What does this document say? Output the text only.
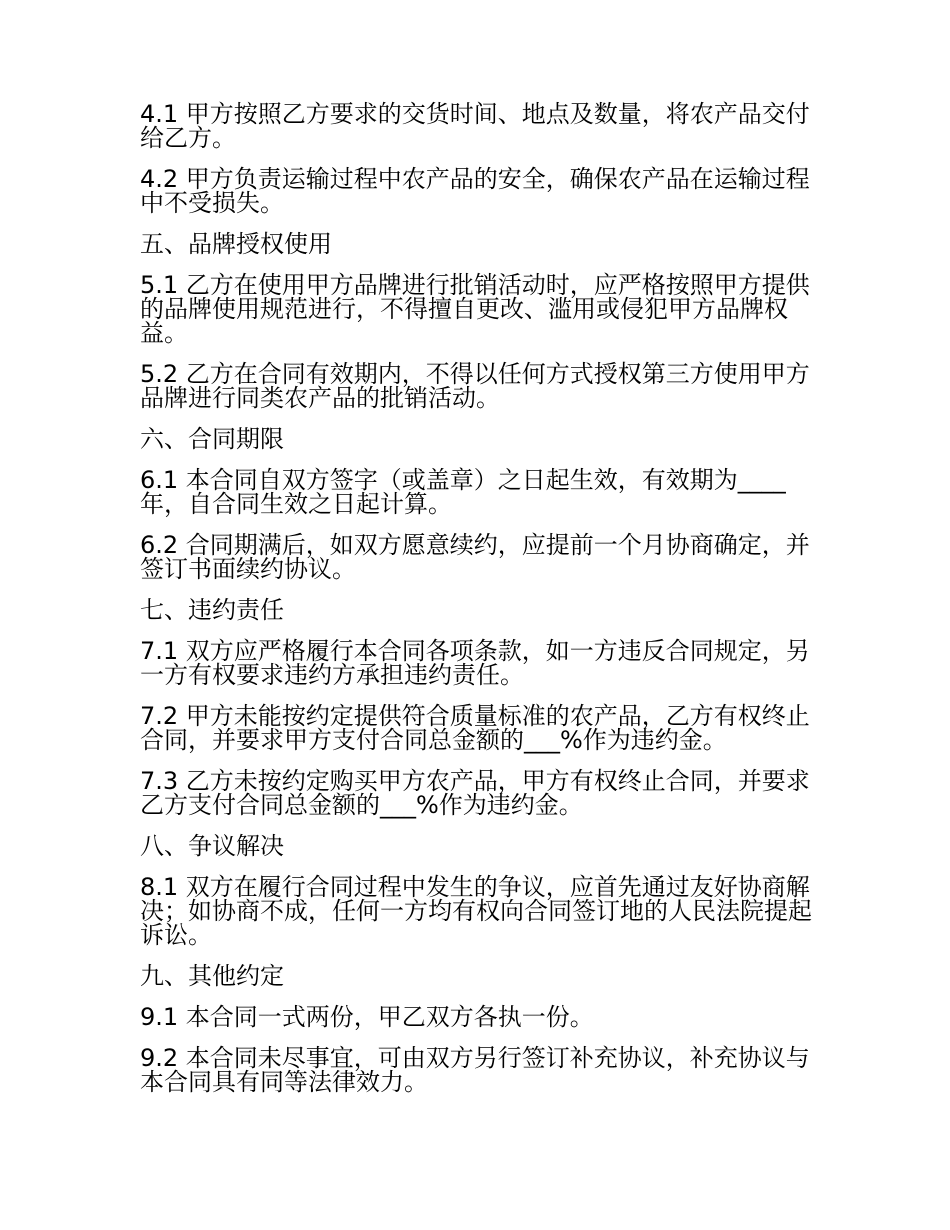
4.1 甲方按照乙方要求的交货时间、地点及数量，将农产品交付给乙方。

4.2 甲方负责运输过程中农产品的安全，确保农产品在运输过程中不受损失。

五、品牌授权使用

5.1 乙方在使用甲方品牌进行批销活动时，应严格按照甲方提供的品牌使用规范进行，不得擅自更改、滥用或侵犯甲方品牌权益。

5.2 乙方在合同有效期内，不得以任何方式授权第三方使用甲方品牌进行同类农产品的批销活动。

六、合同期限

6.1 本合同自双方签字（或盖章）之日起生效，有效期为____年，自合同生效之日起计算。

6.2 合同期满后，如双方愿意续约，应提前一个月协商确定，并签订书面续约协议。

七、违约责任

7.1 双方应严格履行本合同各项条款，如一方违反合同规定，另一方有权要求违约方承担违约责任。

7.2 甲方未能按约定提供符合质量标准的农产品，乙方有权终止合同，并要求甲方支付合同总金额的___%作为违约金。

7.3 乙方未按约定购买甲方农产品，甲方有权终止合同，并要求乙方支付合同总金额的___%作为违约金。

八、争议解决

8.1 双方在履行合同过程中发生的争议，应首先通过友好协商解决；如协商不成，任何一方均有权向合同签订地的人民法院提起诉讼。

九、其他约定

9.1 本合同一式两份，甲乙双方各执一份。

9.2 本合同未尽事宜，可由双方另行签订补充协议，补充协议与本合同具有同等法律效力。
